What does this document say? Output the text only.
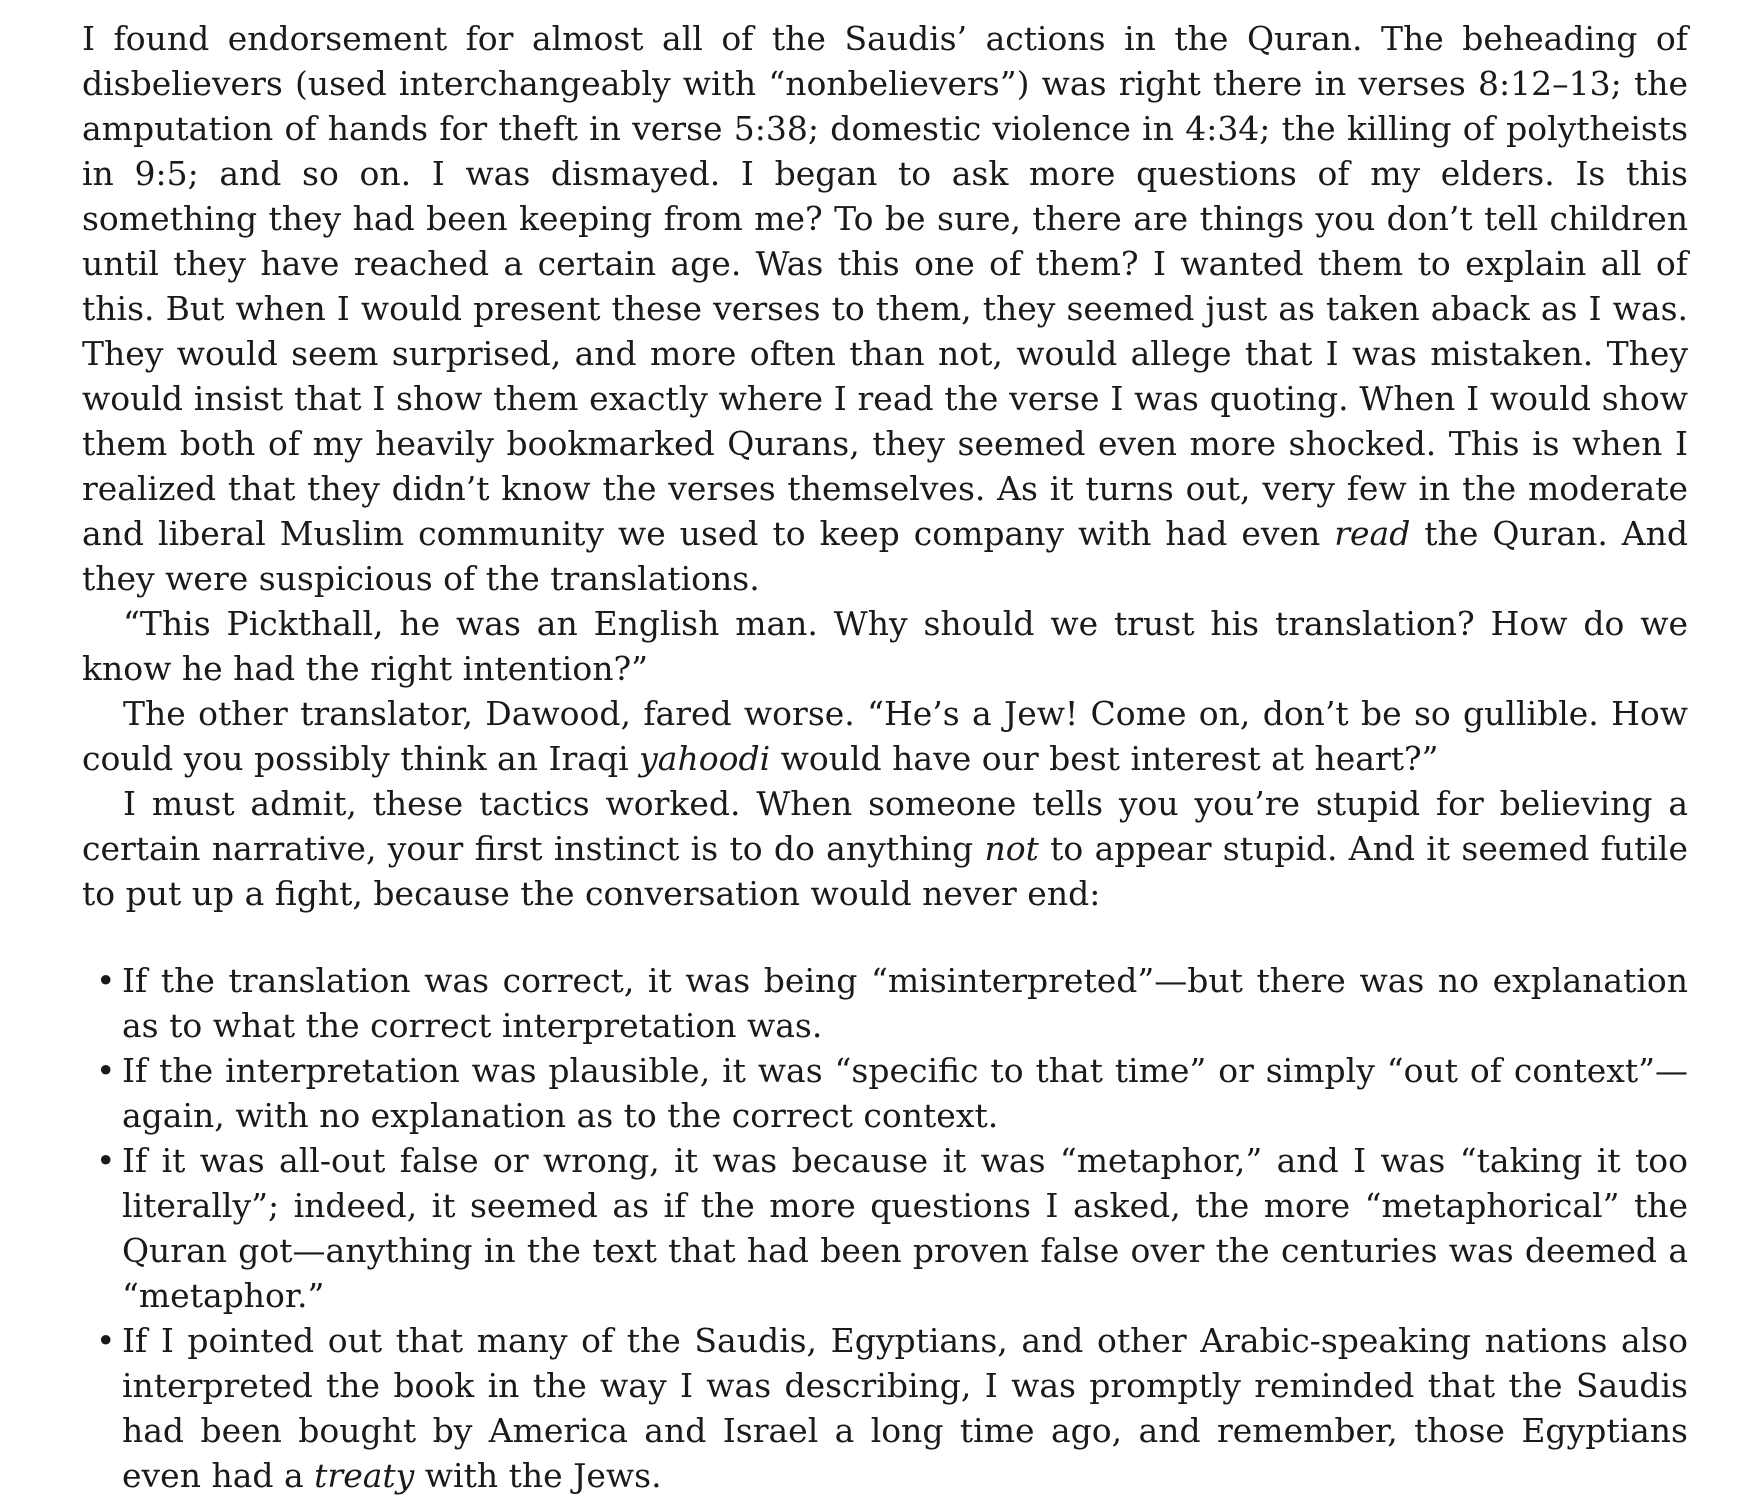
I found endorsement for almost all of the Saudis’ actions in the Quran. The beheading of disbelievers (used interchangeably with “nonbelievers”) was right there in verses 8:12–13; the amputation of hands for theft in verse 5:38; domestic violence in 4:34; the killing of polytheists in 9:5; and so on. I was dismayed. I began to ask more questions of my elders. Is this something they had been keeping from me? To be sure, there are things you don’t tell children until they have reached a certain age. Was this one of them? I wanted them to explain all of this. But when I would present these verses to them, they seemed just as taken aback as I was. They would seem surprised, and more often than not, would allege that I was mistaken. They would insist that I show them exactly where I read the verse I was quoting. When I would show them both of my heavily bookmarked Qurans, they seemed even more shocked. This is when I realized that they didn’t know the verses themselves. As it turns out, very few in the moderate and liberal Muslim community we used to keep company with had even read the Quran. And they were suspicious of the translations.

“This Pickthall, he was an English man. Why should we trust his translation? How do we know he had the right intention?”

The other translator, Dawood, fared worse. “He’s a Jew! Come on, don’t be so gullible. How could you possibly think an Iraqi yahoodi would have our best interest at heart?”

I must admit, these tactics worked. When someone tells you you’re stupid for believing a certain narrative, your first instinct is to do anything not to appear stupid. And it seemed futile to put up a fight, because the conversation would never end:

• If the translation was correct, it was being “misinterpreted”—but there was no explanation as to what the correct interpretation was.
• If the interpretation was plausible, it was “specific to that time” or simply “out of context”—again, with no explanation as to the correct context.
• If it was all-out false or wrong, it was because it was “metaphor,” and I was “taking it too literally”; indeed, it seemed as if the more questions I asked, the more “metaphorical” the Quran got—anything in the text that had been proven false over the centuries was deemed a “metaphor.”
• If I pointed out that many of the Saudis, Egyptians, and other Arabic-speaking nations also interpreted the book in the way I was describing, I was promptly reminded that the Saudis had been bought by America and Israel a long time ago, and remember, those Egyptians even had a treaty with the Jews.
